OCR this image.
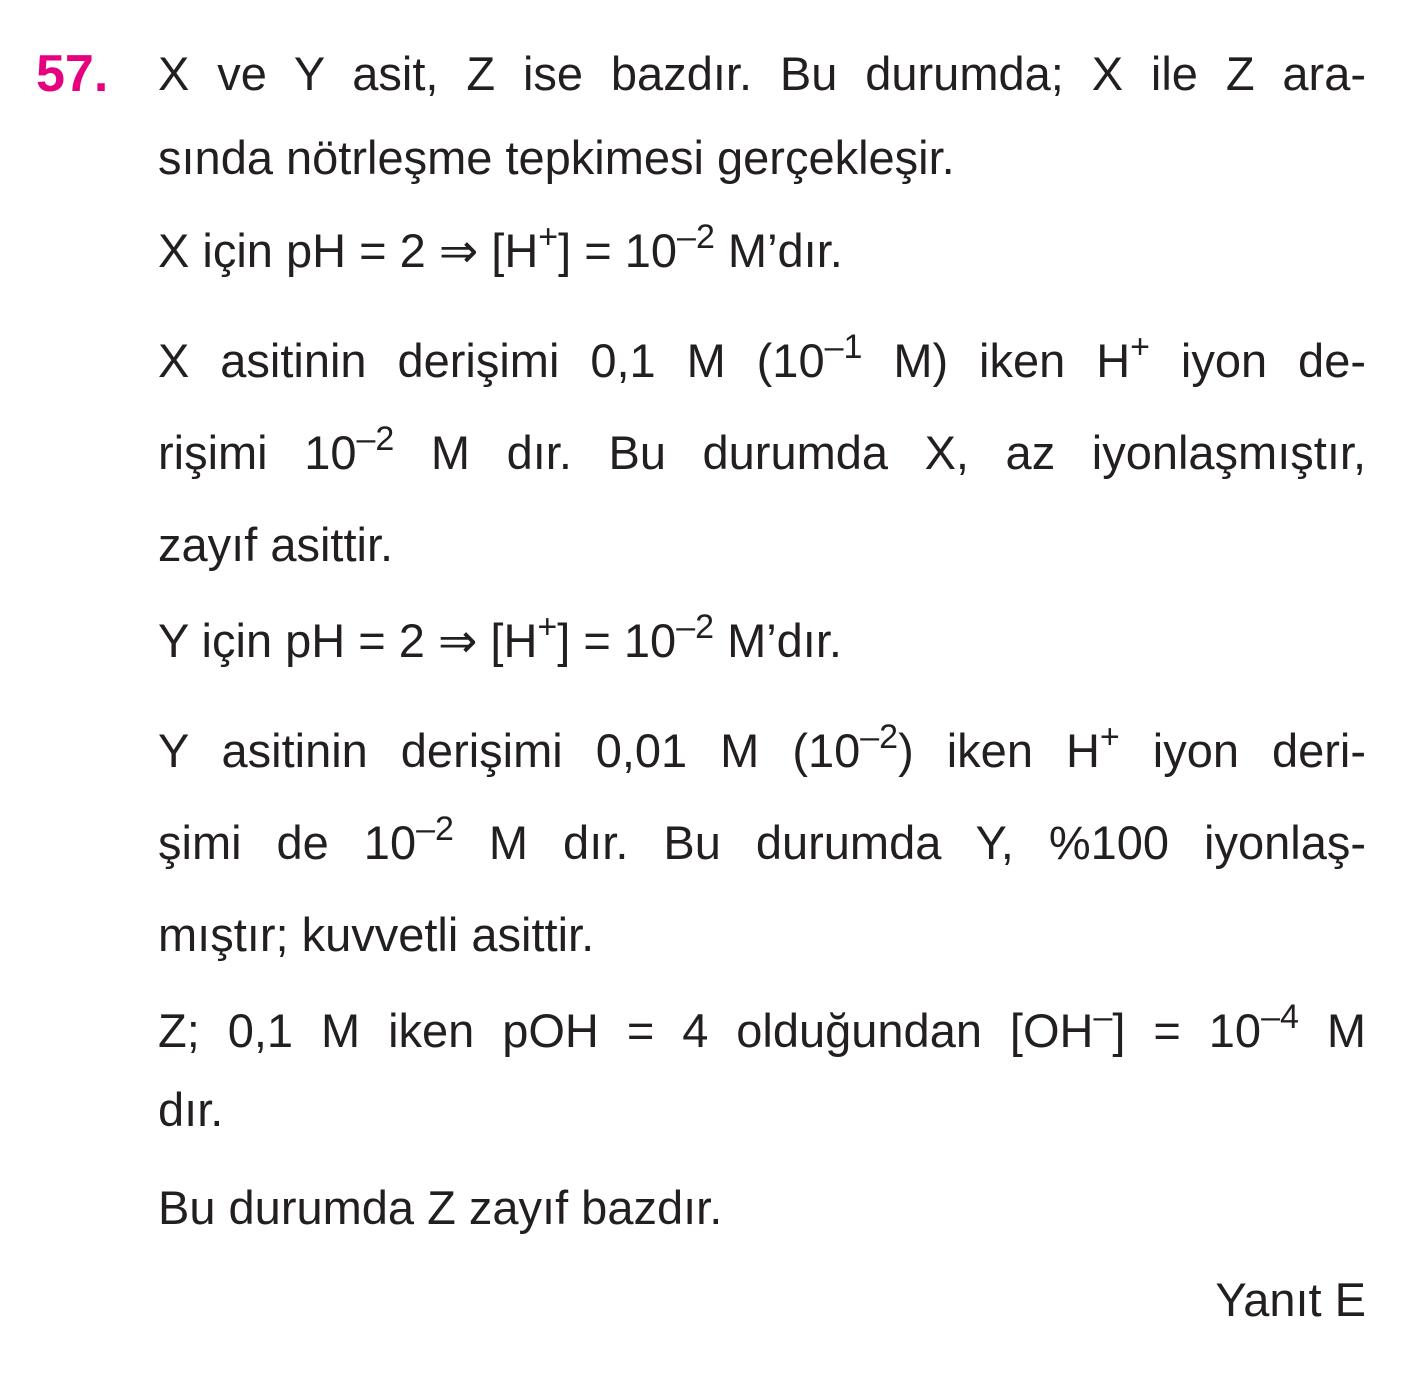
57. X ve Y asit, Z ise bazdır. Bu durumda; X ile Z ara-
sında nötrleşme tepkimesi gerçekleşir.
X için pH = 2 ⇒ $[H^+] = 10^{-2}$ M’dır.
X asitinin derişimi 0,1 M ($10^{-1}$ M) iken H+ iyon de-
rişimi $10^{-2}$ M dır. Bu durumda X, az iyonlaşmıştır,
zayıf asittir.
Y için pH = 2 ⇒ $[H^+] = 10^{-2}$ M’dır.
Y asitinin derişimi 0,01 M $(10^{-2})$ iken H+ iyon deri-
şimi de $10^{-2}$ M dır. Bu durumda Y, %100 iyonlaş-
mıştır; kuvvetli asittir.
Z; 0,1 M iken pOH = 4 olduğundan $[OH^-] = 10^{-4}$ M
dır.
Bu durumda Z zayıf bazdır.
Yanıt E
